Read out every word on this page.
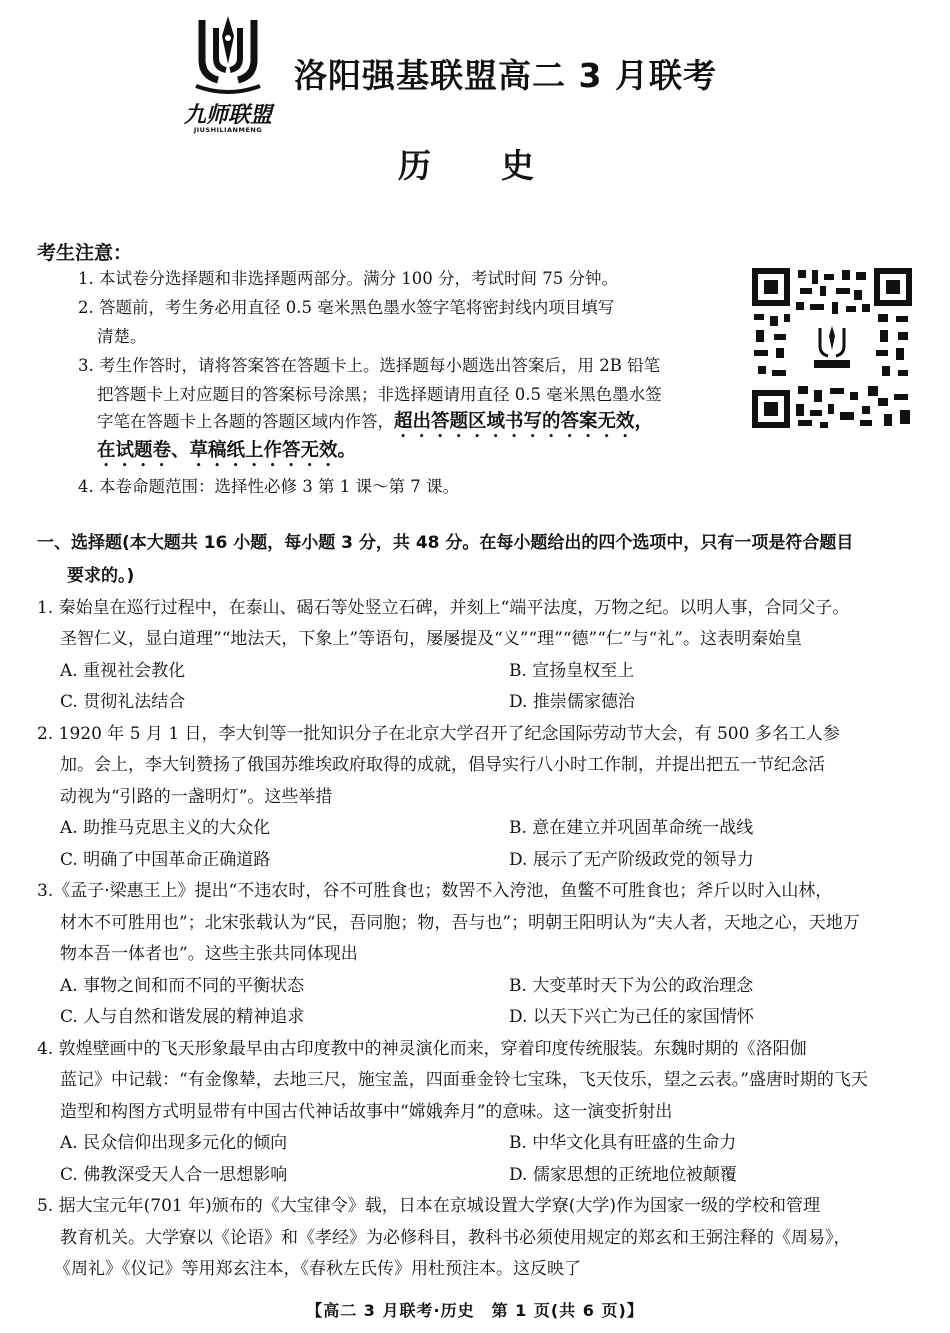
九师联盟
JIUSHILIANMENG
洛阳强基联盟高二 3 月联考
历史
考生注意：
1. 本试卷分选择题和非选择题两部分。满分 100 分，考试时间 75 分钟。
2. 答题前，考生务必用直径 0.5 毫米黑色墨水签字笔将密封线内项目填写
清楚。
3. 考生作答时，请将答案答在答题卡上。选择题每小题选出答案后，用 2B 铅笔
把答题卡上对应题目的答案标号涂黑；非选择题请用直径 0.5 毫米黑色墨水签
字笔在答题卡上各题的答题区域内作答，超出答题区域书写的答案无效，
在试题卷、草稿纸上作答无效。
4. 本卷命题范围：选择性必修 3 第 1 课～第 7 课。
一、选择题(本大题共 16 小题，每小题 3 分，共 48 分。在每小题给出的四个选项中，只有一项是符合题目
要求的。)
1. 秦始皇在巡行过程中，在泰山、碣石等处竖立石碑，并刻上“端平法度，万物之纪。以明人事，合同父子。
圣智仁义，显白道理”“地法天，下象上”等语句，屡屡提及“义”“理”“德”“仁”与“礼”。这表明秦始皇
A. 重视社会教化	B. 宣扬皇权至上
C. 贯彻礼法结合	D. 推崇儒家德治
2. 1920 年 5 月 1 日，李大钊等一批知识分子在北京大学召开了纪念国际劳动节大会，有 500 多名工人参
加。会上，李大钊赞扬了俄国苏维埃政府取得的成就，倡导实行八小时工作制，并提出把五一节纪念活
动视为“引路的一盏明灯”。这些举措
A. 助推马克思主义的大众化	B. 意在建立并巩固革命统一战线
C. 明确了中国革命正确道路	D. 展示了无产阶级政党的领导力
3.《孟子·梁惠王上》提出“不违农时，谷不可胜食也；数罟不入洿池，鱼鳖不可胜食也；斧斤以时入山林，
材木不可胜用也”；北宋张载认为“民，吾同胞；物，吾与也”；明朝王阳明认为“夫人者，天地之心，天地万
物本吾一体者也”。这些主张共同体现出
A. 事物之间和而不同的平衡状态	B. 大变革时天下为公的政治理念
C. 人与自然和谐发展的精神追求	D. 以天下兴亡为己任的家国情怀
4. 敦煌壁画中的飞天形象最早由古印度教中的神灵演化而来，穿着印度传统服装。东魏时期的《洛阳伽
蓝记》中记载：“有金像辇，去地三尺，施宝盖，四面垂金铃七宝珠，飞天伎乐，望之云表。”盛唐时期的飞天
造型和构图方式明显带有中国古代神话故事中“嫦娥奔月”的意味。这一演变折射出
A. 民众信仰出现多元化的倾向	B. 中华文化具有旺盛的生命力
C. 佛教深受天人合一思想影响	D. 儒家思想的正统地位被颠覆
5. 据大宝元年(701 年)颁布的《大宝律令》载，日本在京城设置大学寮(大学)作为国家一级的学校和管理
教育机关。大学寮以《论语》和《孝经》为必修科目，教科书必须使用规定的郑玄和王弼注释的《周易》，
《周礼》《仪记》等用郑玄注本，《春秋左氏传》用杜预注本。这反映了
【高二 3 月联考·历史　第 1 页(共 6 页)】
